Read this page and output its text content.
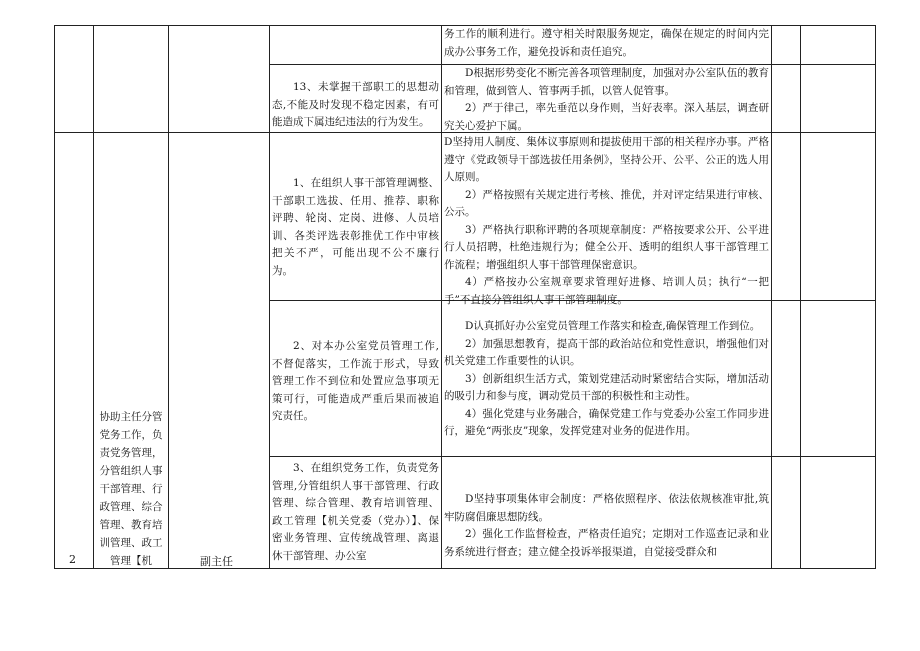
务工作的顺利进行。遵守相关时限服务规定，确保在规定的时间内完成办公事务工作，避免投诉和责任追究。

13、未掌握干部职工的思想动态,不能及时发现不稳定因素，有可能造成下属违纪违法的行为发生。

D根据形势变化不断完善各项管理制度，加强对办公室队伍的教育和管理，做到管人、管事两手抓，以管人促管事。

2）严于律己，率先垂范以身作则，当好表率。深入基层，调查研究关心爱护下属。

2
协助主任分管党务工作，负责党务管理，分管组织人事干部管理、行政管理、综合管理、教育培训管理、政工管理【机	副主任

1、在组织人事干部管理调整、干部职工选拔、任用、推荐、职称评聘、轮岗、定岗、进修、人员培训、各类评选表彰推优工作中审核把关不严，可能出现不公不廉行为。

D坚持用人制度、集体议事原则和提拔使用干部的相关程序办事。严格遵守《党政领导干部选拔任用条例》，坚持公开、公平、公正的选人用人原则。

2）严格按照有关规定进行考核、推优，并对评定结果进行审核、公示。

3）严格执行职称评聘的各项规章制度：严格按要求公开、公平进行人员招聘，杜绝违规行为；健全公开、透明的组织人事干部管理工作流程；增强组织人事干部管理保密意识。

4）严格按办公室规章要求管理好进修、培训人员；执行“一把手”不直接分管组织人事干部管理制度。

2、对本办公室党员管理工作,不督促落实，工作流于形式，导致管理工作不到位和处置应急事项无策可行，可能造成严重后果而被追究责任。

D认真抓好办公室党员管理工作落实和检查,确保管理工作到位。

2）加强思想教育，提高干部的政治站位和党性意识，增强他们对机关党建工作重要性的认识。

3）创新组织生活方式，策划党建活动时紧密结合实际，增加活动的吸引力和参与度，调动党员干部的积极性和主动性。

4）强化党建与业务融合，确保党建工作与党委办公室工作同步进行，避免“两张皮”现象，发挥党建对业务的促进作用。

3、在组织党务工作，负责党务管理,分管组织人事干部管理、行政管理、综合管理、教育培训管理、政工管理【机关党委（党办）】、保密业务管理、宣传统战管理、离退休干部管理、办公室

D坚持事项集体审会制度：严格依照程序、依法依规核准审批,筑牢防腐倡廉思想防线。

2）强化工作监督检查，严格责任追究；定期对工作巡查记录和业务系统进行督查；建立健全投诉举报渠道，自觉接受群众和
